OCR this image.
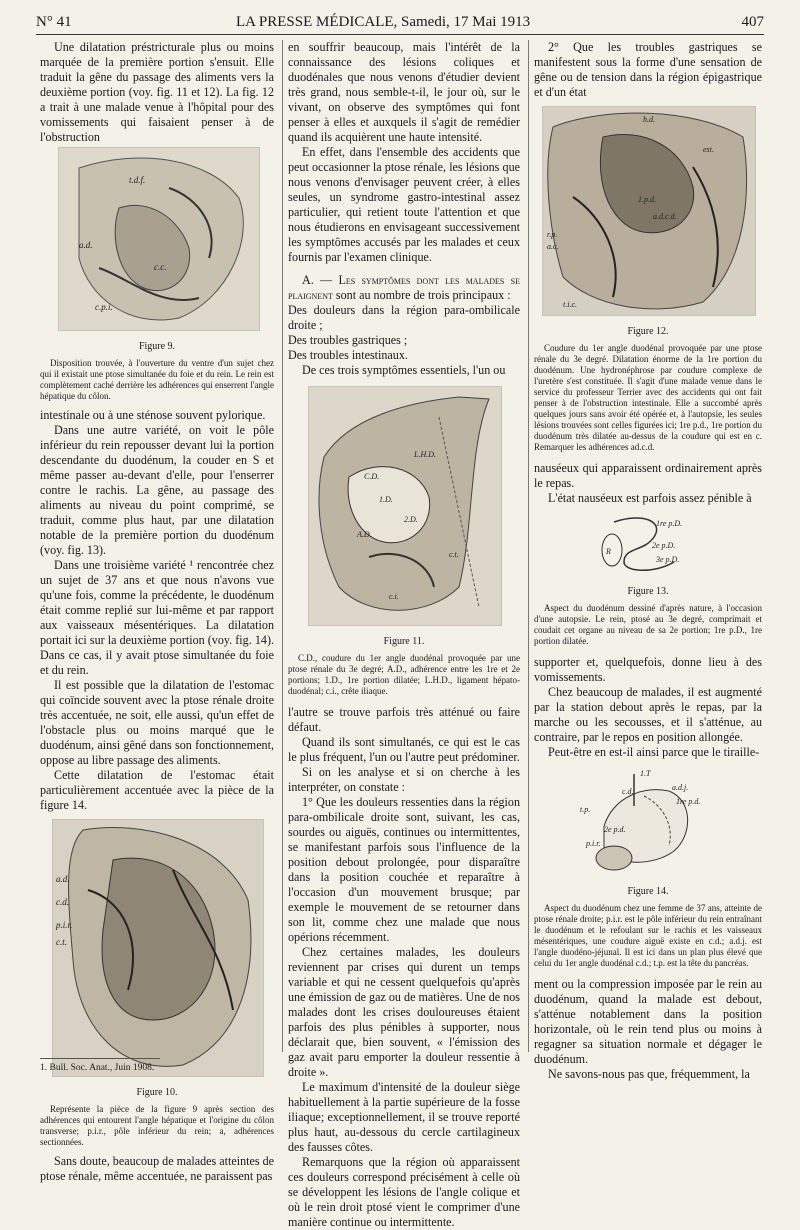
N° 41	LA PRESSE MÉDICALE, Samedi, 17 Mai 1913	407

Une dilatation préstricturale plus ou moins marquée de la première portion s'ensuit. Elle traduit la gêne du passage des aliments vers la deuxième portion (voy. fig. 11 et 12). La fig. 12 a trait à une malade venue à l'hôpital pour des vomissements qui faisaient penser à de l'obstruction

t.d.f.
a.d.
c.c.
c.p.i.
Figure 9.

Disposition trouvée, à l'ouverture du ventre d'un sujet chez qui il existait une ptose simultanée du foie et du rein. Le rein est complètement caché derrière les adhérences qui enserrent l'angle hépatique du côlon.

intestinale ou à une sténose souvent pylorique.

Dans une autre variété, on voit le pôle inférieur du rein repousser devant lui la portion descendante du duodénum, la couder en S et même passer au-devant d'elle, pour l'enserrer contre le rachis. La gêne, au passage des aliments au niveau du point comprimé, se traduit, comme plus haut, par une dilatation notable de la première portion du duodénum (voy. fig. 13).

Dans une troisième variété ¹ rencontrée chez un sujet de 37 ans et que nous n'avons vue qu'une fois, comme la précédente, le duodénum était comme replié sur lui-même et par rapport aux vaisseaux mésentériques. La dilatation portait ici sur la deuxième portion (voy. fig. 14). Dans ce cas, il y avait ptose simultanée du foie et du rein.

Il est possible que la dilatation de l'estomac qui coïncide souvent avec la ptose rénale droite très accentuée, ne soit, elle aussi, qu'un effet de l'obstacle plus ou moins marqué que le duodénum, ainsi gêné dans son fonctionnement, oppose au libre passage des aliments.

Cette dilatation de l'estomac était particulièrement accentuée avec la pièce de la figure 14.

a.d.
c.d.
p.i.r.
c.t.
Figure 10.

Représente la pièce de la figure 9 après section des adhérences qui entourent l'angle hépatique et l'origine du côlon transverse; p.i.r., pôle inférieur du rein; a, adhérences sectionnées.

Sans doute, beaucoup de malades atteintes de ptose rénale, même accentuée, ne paraissent pas

en souffrir beaucoup, mais l'intérêt de la connaissance des lésions coliques et duodénales que nous venons d'étudier devient très grand, nous semble-t-il, le jour où, sur le vivant, on observe des symptômes qui font penser à elles et auxquels il s'agit de remédier quand ils acquièrent une haute intensité.

En effet, dans l'ensemble des accidents que peut occasionner la ptose rénale, les lésions que nous venons d'envisager peuvent créer, à elles seules, un syndrome gastro-intestinal assez particulier, qui retient toute l'attention et que nous étudierons en envisageant successivement les symptômes accusés par les malades et ceux fournis par l'examen clinique.

A. — Les symptômes dont les malades se plaignent sont au nombre de trois principaux :

Des douleurs dans la région para-ombilicale droite ;

Des troubles gastriques ;

Des troubles intestinaux.

De ces trois symptômes essentiels, l'un ou

C.D.
L.H.D.
1.D.
2.D.
A.D.
c.t.
c.i.
Figure 11.

C.D., coudure du 1er angle duodénal provoquée par une ptose rénale du 3e degré; A.D., adhérence entre les 1re et 2e portions; 1.D., 1re portion dilatée; L.H.D., ligament hépato-duodénal; c.i., crête iliaque.

l'autre se trouve parfois très atténué ou faire défaut.

Quand ils sont simultanés, ce qui est le cas le plus fréquent, l'un ou l'autre peut prédominer.

Si on les analyse et si on cherche à les interpréter, on constate :

1° Que les douleurs ressenties dans la région para-ombilicale droite sont, suivant, les cas, sourdes ou aiguës, continues ou intermittentes, se manifestant parfois sous l'influence de la position debout prolongée, pour disparaître dans la position couchée et reparaître à l'occasion d'un mouvement brusque; par exemple le mouvement de se retourner dans son lit, comme chez une malade que nous opérions récemment.

Chez certaines malades, les douleurs reviennent par crises qui durent un temps variable et qui ne cessent quelquefois qu'après une émission de gaz ou de matières. Une de nos malades dont les crises douloureuses étaient parfois des plus pénibles à supporter, nous déclarait que, bien souvent, « l'émission des gaz avait paru emporter la douleur ressentie à droite ».

Le maximum d'intensité de la douleur siège habituellement à la partie supérieure de la fosse iliaque; exceptionnellement, il se trouve reporté plus haut, au-dessous du cercle cartilagineux des fausses côtes.

Remarquons que la région où apparaissent ces douleurs correspond précisément à celle où se développent les lésions de l'angle colique et où le rein droit ptosé vient le comprimer d'une manière continue ou intermittente.

2° Que les troubles gastriques se manifestent sous la forme d'une sensation de gêne ou de tension dans la région épigastrique et d'un état

h.d.
est.
1.p.d.
a.d.c.d.
r.p.
a.c.
t.i.c.
Figure 12.

Coudure du 1er angle duodénal provoquée par une ptose rénale du 3e degré. Dilatation énorme de la 1re portion du duodénum. Une hydronéphrose par coudure complexe de l'uretère s'est constituée. Il s'agit d'une malade venue dans le service du professeur Terrier avec des accidents qui ont fait penser à de l'obstruction intestinale. Elle a succombé après quelques jours sans avoir été opérée et, à l'autopsie, les seules lésions trouvées sont celles figurées ici; 1re p.d., 1re portion du duodénum très dilatée au-dessus de la coudure qui est en c. Remarquer les adhérences ad.c.d.

nauséeux qui apparaissent ordinairement après le repas.

L'état nauséeux est parfois assez pénible à

1re p.D.
R
2e p.D.
3e p.D.
Figure 13.

Aspect du duodénum dessiné d'après nature, à l'occasion d'une autopsie. Le rein, ptosé au 3e degré, comprimait et coudait cet organe au niveau de sa 2e portion; 1re p.D., 1re portion dilatée.

supporter et, quelquefois, donne lieu à des vomissements.

Chez beaucoup de malades, il est augmenté par la station debout après le repas, par la marche ou les secousses, et il s'atténue, au contraire, par le repos en position allongée.

Peut-être en est-il ainsi parce que le tiraille-

1.T
c.d.	a.d.j.
1re p.d.
t.p.
2e p.d.
p.i.r.
Figure 14.

Aspect du duodénum chez une femme de 37 ans, atteinte de ptose rénale droite; p.i.r. est le pôle inférieur du rein entraînant le duodénum et le refoulant sur le rachis et les vaisseaux mésentériques, une coudure aiguë existe en c.d.; a.d.j. est l'angle duodéno-jéjunal. Il est ici dans un plan plus élevé que celui du 1er angle duodénal c.d.; t.p. est la tête du pancréas.

ment ou la compression imposée par le rein au duodénum, quand la malade est debout, s'atténue notablement dans la position horizontale, où le rein tend plus ou moins à regagner sa situation normale et dégager le duodénum.

Ne savons-nous pas que, fréquemment, la

1. Bull. Soc. Anat., Juin 1908.
